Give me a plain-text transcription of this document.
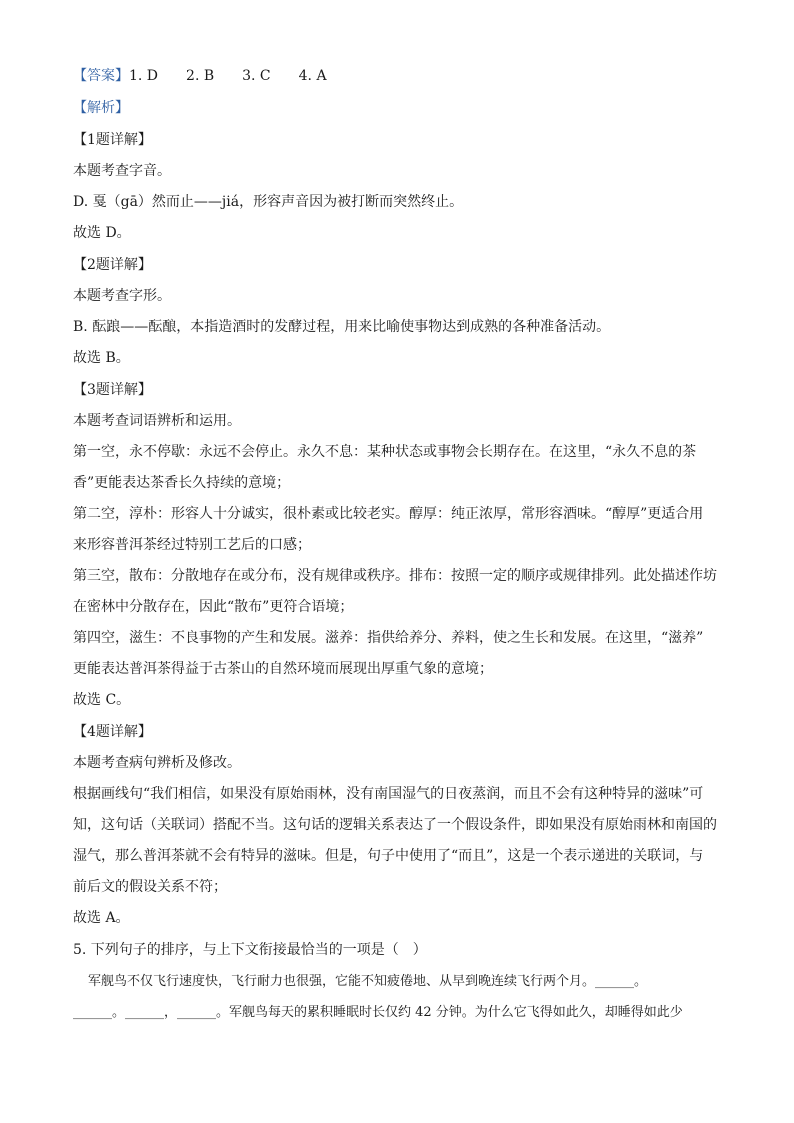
【答案】1. D　　2. B　　3. C　　4. A
【解析】
【1题详解】
本题考查字音。
D. 戛（gā）然而止——jiá，形容声音因为被打断而突然终止。
故选 D。
【2题详解】
本题考查字形。
B. 酝踉——酝酿，本指造酒时的发酵过程，用来比喻使事物达到成熟的各种准备活动。
故选 B。
【3题详解】
本题考查词语辨析和运用。
第一空，永不停歇：永远不会停止。永久不息：某种状态或事物会长期存在。在这里，“永久不息的茶
香”更能表达茶香长久持续的意境；
第二空，淳朴：形容人十分诚实，很朴素或比较老实。醇厚：纯正浓厚，常形容酒味。“醇厚”更适合用
来形容普洱茶经过特别工艺后的口感；
第三空，散布：分散地存在或分布，没有规律或秩序。排布：按照一定的顺序或规律排列。此处描述作坊
在密林中分散存在，因此“散布”更符合语境；
第四空，滋生：不良事物的产生和发展。滋养：指供给养分、养料，使之生长和发展。在这里，“滋养”
更能表达普洱茶得益于古茶山的自然环境而展现出厚重气象的意境；
故选 C。
【4题详解】
本题考查病句辨析及修改。
根据画线句“我们相信，如果没有原始雨林，没有南国湿气的日夜蒸润，而且不会有这种特异的滋味”可
知，这句话（关联词）搭配不当。这句话的逻辑关系表达了一个假设条件，即如果没有原始雨林和南国的
湿气，那么普洱茶就不会有特异的滋味。但是，句子中使用了“而且”，这是一个表示递进的关联词，与
前后文的假设关系不符；
故选 A。
5. 下列句子的排序，与上下文衔接最恰当的一项是（　）
军舰鸟不仅飞行速度快，飞行耐力也很强，它能不知疲倦地、从早到晚连续飞行两个月。______。
______。______，______。军舰鸟每天的累积睡眠时长仅约 42 分钟。为什么它飞得如此久，却睡得如此少
